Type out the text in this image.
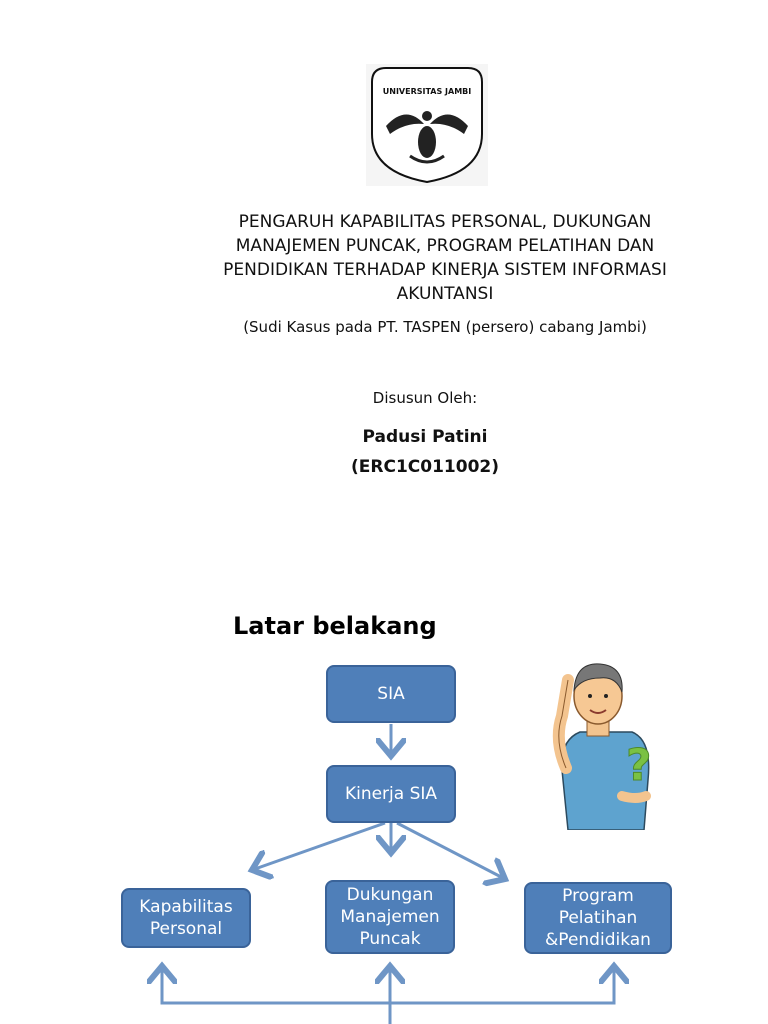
UNIVERSITAS JAMBI
PENGARUH KAPABILITAS PERSONAL, DUKUNGAN MANAJEMEN PUNCAK, PROGRAM PELATIHAN DAN PENDIDIKAN TERHADAP KINERJA SISTEM INFORMASI AKUNTANSI
(Sudi Kasus pada PT. TASPEN (persero) cabang Jambi)
Disusun Oleh:
Padusi Patini
(ERC1C011002)
Latar belakang
SIA
Kinerja SIA
Kapabilitas Personal
Dukungan Manajemen Puncak
Program Pelatihan &Pendidikan
?
